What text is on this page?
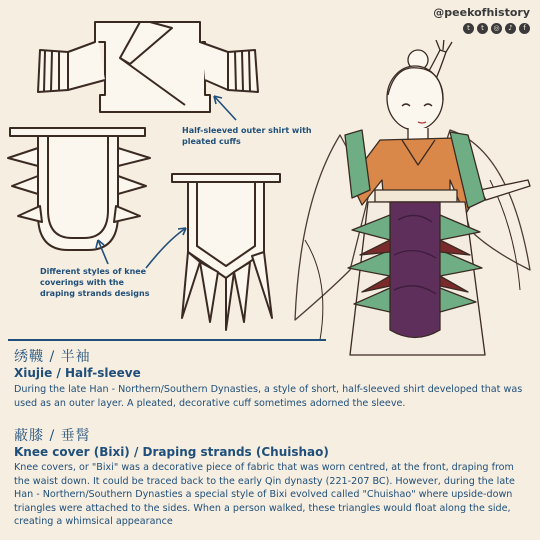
@peekofhistory
t	t	◎	♪	f
Half-sleeved outer shirt with pleated cuffs
Different styles of knee coverings with the draping strands designs
绣韈 / 半袖
Xiujie / Half-sleeve
During the late Han - Northern/Southern Dynasties, a style of short, half-sleeved shirt developed that was used as an outer layer. A pleated, decorative cuff sometimes adorned the sleeve.
蔽膝 / 垂髾
Knee cover (Bixi) / Draping strands (Chuishao)
Knee covers, or "Bixi" was a decorative piece of fabric that was worn centred, at the front, draping from the waist down. It could be traced back to the early Qin dynasty (221-207 BC). However, during the late Han - Northern/Southern Dynasties a special style of Bixi evolved called "Chuishao" where upside-down triangles were attached to the sides. When a person walked, these triangles would float along the side, creating a whimsical appearance
